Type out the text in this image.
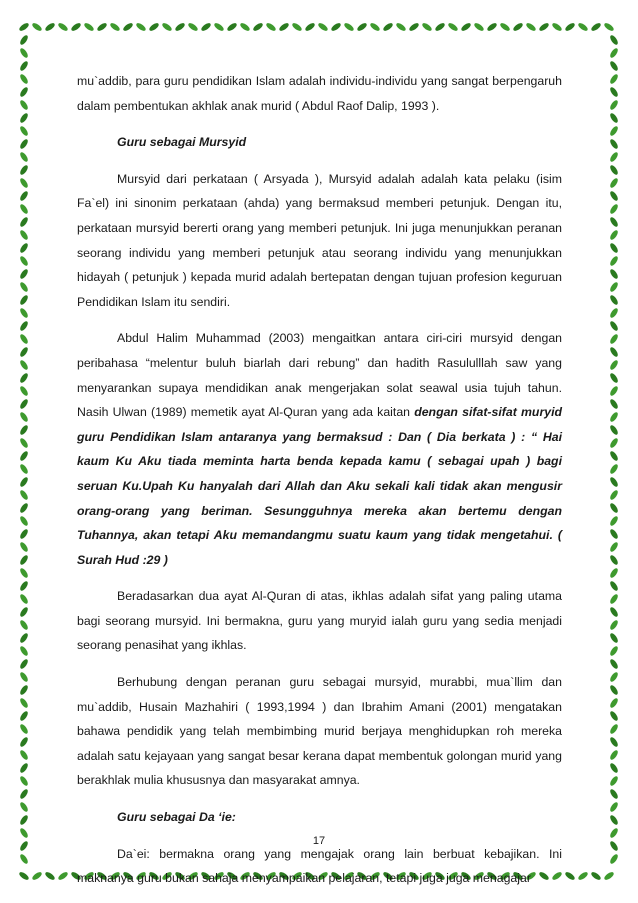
mu`addib, para guru pendidikan Islam adalah individu-individu yang sangat berpengaruh dalam pembentukan akhlak anak murid ( Abdul Raof Dalip, 1993 ).

Guru sebagai Mursyid

Mursyid dari perkataan ( Arsyada ), Mursyid adalah adalah kata pelaku (isim Fa`el) ini sinonim perkataan (ahda) yang bermaksud memberi petunjuk. Dengan itu, perkataan mursyid bererti orang yang memberi petunjuk. Ini juga menunjukkan peranan seorang individu yang memberi petunjuk atau seorang individu yang menunjukkan hidayah ( petunjuk ) kepada murid adalah bertepatan dengan tujuan profesion keguruan Pendidikan Islam itu sendiri.

Abdul Halim Muhammad (2003) mengaitkan antara ciri-ciri mursyid dengan peribahasa “melentur buluh biarlah dari rebung” dan hadith Rasululllah saw yang menyarankan supaya mendidikan anak mengerjakan solat seawal usia tujuh tahun. Nasih Ulwan (1989) memetik ayat Al-Quran yang ada kaitan dengan sifat-sifat muryid guru Pendidikan Islam antaranya yang bermaksud : Dan ( Dia berkata ) : “ Hai kaum Ku Aku tiada meminta harta benda kepada kamu ( sebagai upah ) bagi seruan Ku.Upah Ku hanyalah dari Allah dan Aku sekali kali tidak akan mengusir orang-orang yang beriman. Sesungguhnya mereka akan bertemu dengan Tuhannya, akan tetapi Aku memandangmu suatu kaum yang tidak mengetahui. ( Surah Hud :29 )

Beradasarkan dua ayat Al-Quran di atas, ikhlas adalah sifat yang paling utama bagi seorang mursyid. Ini bermakna, guru yang muryid ialah guru yang sedia menjadi seorang penasihat yang ikhlas.

Berhubung dengan peranan guru sebagai mursyid, murabbi, mua`llim dan mu`addib, Husain Mazhahiri ( 1993,1994 ) dan Ibrahim Amani (2001) mengatakan bahawa pendidik yang telah membimbing murid berjaya menghidupkan roh mereka adalah satu kejayaan yang sangat besar kerana dapat membentuk golongan murid yang berakhlak mulia khususnya dan masyarakat amnya.

Guru sebagai Da ‘ie:

Da`ei: bermakna orang yang mengajak orang lain berbuat kebajikan. Ini maknanya guru bukan sahaja menyampaikan pelajaran, tetapi juga juga menagajar

17
